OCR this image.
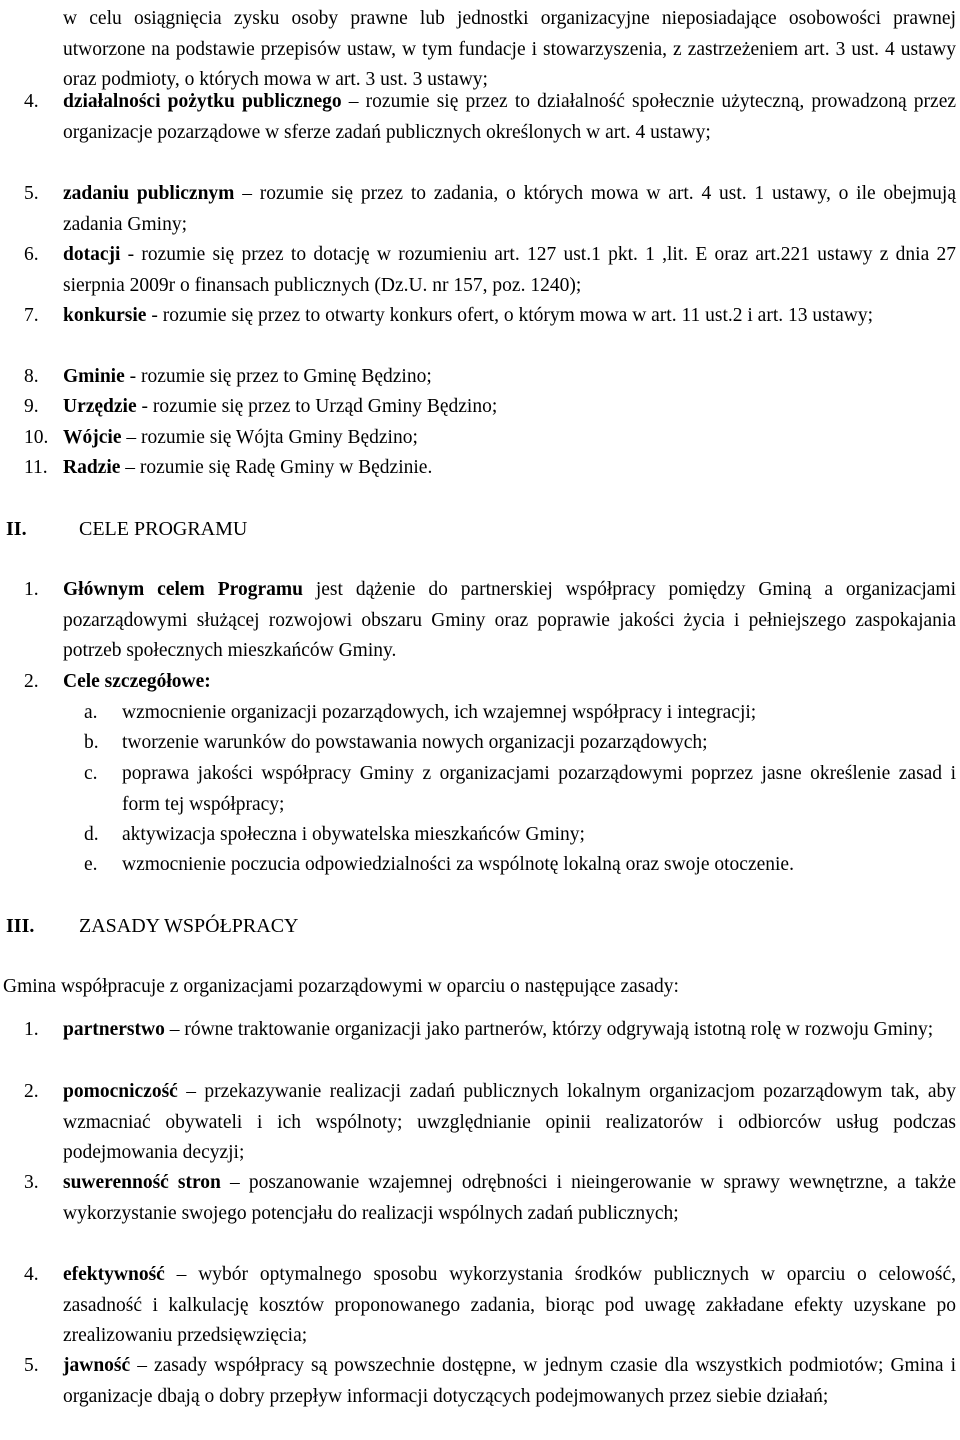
w celu osiągnięcia zysku osoby prawne lub jednostki organizacyjne nieposiadające osobowości prawnej utworzone na podstawie przepisów ustaw, w tym fundacje i stowarzyszenia, z zastrzeżeniem art. 3 ust. 4 ustawy oraz podmioty, o których mowa w art. 3 ust. 3 ustawy;
4. działalności pożytku publicznego – rozumie się przez to działalność społecznie użyteczną, prowadzoną przez organizacje pozarządowe w sferze zadań publicznych określonych w art. 4 ustawy;
5. zadaniu publicznym – rozumie się przez to zadania, o których mowa w art. 4 ust. 1 ustawy, o ile obejmują zadania Gminy;
6. dotacji - rozumie się przez to dotację w rozumieniu art. 127 ust.1 pkt. 1 ,lit. E oraz art.221 ustawy z dnia 27 sierpnia 2009r o finansach publicznych (Dz.U. nr 157, poz. 1240);
7. konkursie - rozumie się przez to otwarty konkurs ofert, o którym mowa w art. 11 ust.2 i art. 13 ustawy;
8. Gminie - rozumie się przez to Gminę Będzino;
9. Urzędzie - rozumie się przez to Urząd Gminy Będzino;
10. Wójcie – rozumie się Wójta Gminy Będzino;
11. Radzie – rozumie się Radę Gminy w Będzinie.
II.	CELE PROGRAMU
1. Głównym celem Programu jest dążenie do partnerskiej współpracy pomiędzy Gminą a organizacjami pozarządowymi służącej rozwojowi obszaru Gminy oraz poprawie jakości życia i pełniejszego zaspokajania potrzeb społecznych mieszkańców Gminy.
2. Cele szczegółowe:
a. wzmocnienie organizacji pozarządowych, ich wzajemnej współpracy i integracji;
b. tworzenie warunków do powstawania nowych organizacji pozarządowych;
c. poprawa jakości współpracy Gminy z organizacjami pozarządowymi poprzez jasne określenie zasad i form tej współpracy;
d. aktywizacja społeczna i obywatelska mieszkańców Gminy;
e. wzmocnienie poczucia odpowiedzialności za wspólnotę lokalną oraz swoje otoczenie.
III. ZASADY WSPÓŁPRACY
Gmina współpracuje z organizacjami pozarządowymi w oparciu o następujące zasady:
1. partnerstwo – równe traktowanie organizacji jako partnerów, którzy odgrywają istotną rolę w rozwoju Gminy;
2. pomocniczość – przekazywanie realizacji zadań publicznych lokalnym organizacjom pozarządowym tak, aby wzmacniać obywateli i ich wspólnoty; uwzględnianie opinii realizatorów i odbiorców usług podczas podejmowania decyzji;
3. suwerenność stron – poszanowanie wzajemnej odrębności i nieingerowanie w sprawy wewnętrzne, a także wykorzystanie swojego potencjału do realizacji wspólnych zadań publicznych;
4. efektywność – wybór optymalnego sposobu wykorzystania środków publicznych w oparciu o celowość, zasadność i kalkulację kosztów proponowanego zadania, biorąc pod uwagę zakładane efekty uzyskane po zrealizowaniu przedsięwzięcia;
5. jawność – zasady współpracy są powszechnie dostępne, w jednym czasie dla wszystkich podmiotów; Gmina i organizacje dbają o dobry przepływ informacji dotyczących podejmowanych przez siebie działań;
